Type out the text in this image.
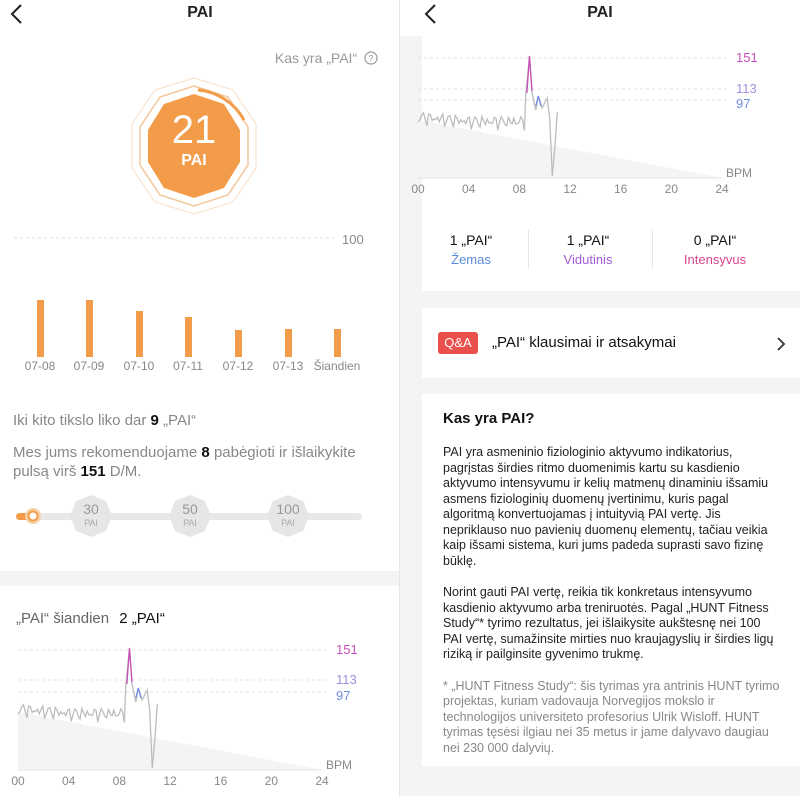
PAI
Kas yra „PAI“ ?
21
PAI
100
07-08	07-09	07-10	07-11	07-12	07-13 Šiandien
Iki kito tikslo liko dar 9 „PAI“
Mes jums rekomenduojame 8 pabėgioti ir išlaikykite
pulsą virš 151 D/M.
30
PAI
50
PAI
100
PAI
„PAI“ šiandien 2 „PAI“
151
113
97
BPM
00	04	08	12	16	20	24
PAI
151
113
97
BPM
00	04	08	12	16	20	24
1 „PAI“
Žemas
1 „PAI“
Vidutinis
0 „PAI“
Intensyvus
Q&A	„PAI“ klausimai ir atsakymai
Kas yra PAI?

PAI yra asmeninio fiziologinio aktyvumo indikatorius, pagrįstas širdies ritmo duomenimis kartu su kasdienio aktyvumo intensyvumu ir kelių matmenų dinaminiu išsamiu asmens fiziologinių duomenų įvertinimu, kuris pagal algoritmą konvertuojamas į intuityvią PAI vertę. Jis nepriklauso nuo pavienių duomenų elementų, tačiau veikia kaip išsami sistema, kuri jums padeda suprasti savo fizinę būklę.

Norint gauti PAI vertę, reikia tik konkretaus intensyvumo kasdienio aktyvumo arba treniruotės. Pagal „HUNT Fitness Study“* tyrimo rezultatus, jei išlaikysite aukštesnę nei 100 PAI vertę, sumažinsite mirties nuo kraujagyslių ir širdies ligų riziką ir pailginsite gyvenimo trukmę.

* „HUNT Fitness Study“: šis tyrimas yra antrinis HUNT tyrimo projektas, kuriam vadovauja Norvegijos mokslo ir technologijos universiteto profesorius Ulrik Wisloff. HUNT tyrimas tęsėsi ilgiau nei 35 metus ir jame dalyvavo daugiau nei 230 000 dalyvių.
